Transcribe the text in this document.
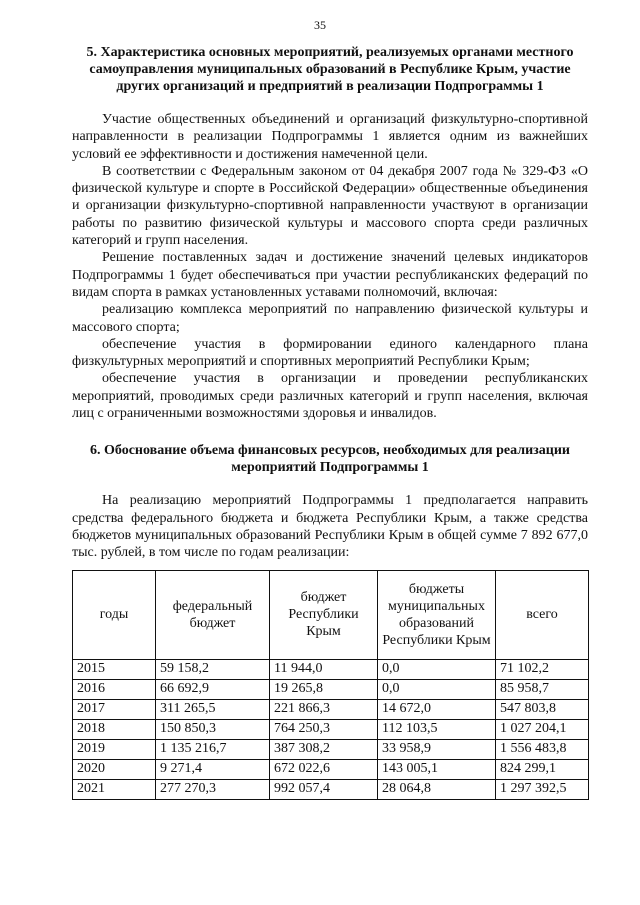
35
5. Характеристика основных мероприятий, реализуемых органами местного самоуправления муниципальных образований в Республике Крым, участие других организаций и предприятий в реализации Подпрограммы 1

Участие общественных объединений и организаций физкультурно-спортивной направленности в реализации Подпрограммы 1 является одним из важнейших условий ее эффективности и достижения намеченной цели.

В соответствии с Федеральным законом от 04 декабря 2007 года № 329-ФЗ «О физической культуре и спорте в Российской Федерации» общественные объединения и организации физкультурно-спортивной направленности участвуют в организации работы по развитию физической культуры и массового спорта среди различных категорий и групп населения.

Решение поставленных задач и достижение значений целевых индикаторов Подпрограммы 1 будет обеспечиваться при участии республиканских федераций по видам спорта в рамках установленных уставами полномочий, включая:

реализацию комплекса мероприятий по направлению физической культуры и массового спорта;

обеспечение участия в формировании единого календарного плана физкультурных мероприятий и спортивных мероприятий Республики Крым;

обеспечение участия в организации и проведении республиканских мероприятий, проводимых среди различных категорий и групп населения, включая лиц с ограниченными возможностями здоровья и инвалидов.

6. Обоснование объема финансовых ресурсов, необходимых для реализации мероприятий Подпрограммы 1

На реализацию мероприятий Подпрограммы 1 предполагается направить средства федерального бюджета и бюджета Республики Крым, а также средства бюджетов муниципальных образований Республики Крым в общей сумме 7 892 677,0 тыс. рублей, в том числе по годам реализации:

годы	федеральный бюджет	бюджет Республики Крым	бюджеты муниципальных образований Республики Крым	всего
2015	59 158,2	11 944,0	0,0	71 102,2
2016	66 692,9	19 265,8	0,0	85 958,7
2017	311 265,5	221 866,3	14 672,0	547 803,8
2018	150 850,3	764 250,3	112 103,5	1 027 204,1
2019	1 135 216,7	387 308,2	33 958,9	1 556 483,8
2020	9 271,4	672 022,6	143 005,1	824 299,1
2021	277 270,3	992 057,4	28 064,8	1 297 392,5
